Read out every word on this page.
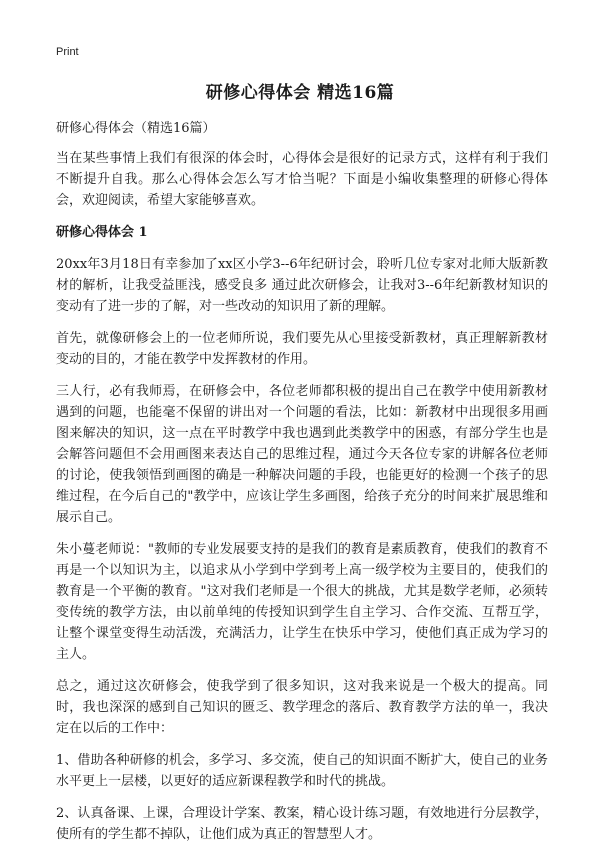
Print
研修心得体会 精选16篇

研修心得体会（精选16篇）

当在某些事情上我们有很深的体会时，心得体会是很好的记录方式，这样有利于我们不断提升自我。那么心得体会怎么写才恰当呢？下面是小编收集整理的研修心得体会，欢迎阅读，希望大家能够喜欢。

研修心得体会 1

20xx年3月18日有幸参加了xx区小学3--6年纪研讨会，聆听几位专家对北师大版新教材的解析，让我受益匪浅，感受良多 通过此次研修会，让我对3--6年纪新教材知识的变动有了进一步的了解，对一些改动的知识用了新的理解。

首先，就像研修会上的一位老师所说，我们要先从心里接受新教材，真正理解新教材变动的目的，才能在教学中发挥教材的作用。

三人行，必有我师焉，在研修会中，各位老师都积极的提出自己在教学中使用新教材遇到的问题，也能毫不保留的讲出对一个问题的看法，比如：新教材中出现很多用画图来解决的知识，这一点在平时教学中我也遇到此类教学中的困惑，有部分学生也是会解答问题但不会用画图来表达自己的思维过程，通过今天各位专家的讲解各位老师的讨论，使我领悟到画图的确是一种解决问题的手段，也能更好的检测一个孩子的思维过程，在今后自己的"教学中，应该让学生多画图，给孩子充分的时间来扩展思维和展示自己。

朱小蔓老师说："教师的专业发展要支持的是我们的教育是素质教育，使我们的教育不再是一个以知识为主，以追求从小学到中学到考上高一级学校为主要目的，使我们的教育是一个平衡的教育。"这对我们老师是一个很大的挑战，尤其是数学老师，必须转变传统的教学方法，由以前单纯的传授知识到学生自主学习、合作交流、互帮互学，让整个课堂变得生动活泼，充满活力，让学生在快乐中学习，使他们真正成为学习的主人。

总之，通过这次研修会，使我学到了很多知识，这对我来说是一个极大的提高。同时，我也深深的感到自己知识的匮乏、教学理念的落后、教育教学方法的单一，我决定在以后的工作中：

1、借助各种研修的机会，多学习、多交流，使自己的知识面不断扩大，使自己的业务水平更上一层楼，以更好的适应新课程教学和时代的挑战。

2、认真备课、上课，合理设计学案、教案，精心设计练习题，有效地进行分层教学，使所有的学生都不掉队，让他们成为真正的智慧型人才。
